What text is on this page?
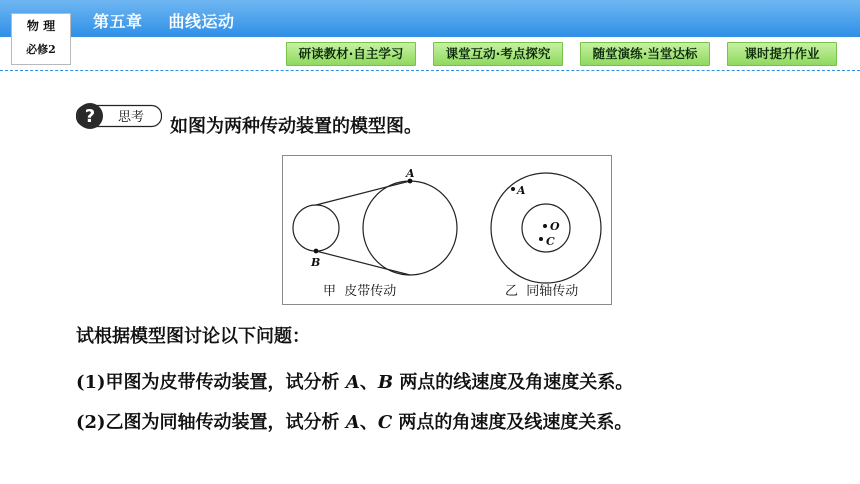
物 理
必修2
第五章 曲线运动
研读教材·自主学习	课堂互动·考点探究	随堂演练·当堂达标	课时提升作业
? 思考 如图为两种传动装置的模型图。
A
B
A
O
C
甲  皮带传动	乙  同轴传动
试根据模型图讨论以下问题：
(1)甲图为皮带传动装置，试分析 A、B 两点的线速度及角速度关系。
(2)乙图为同轴传动装置，试分析 A、C 两点的角速度及线速度关系。
